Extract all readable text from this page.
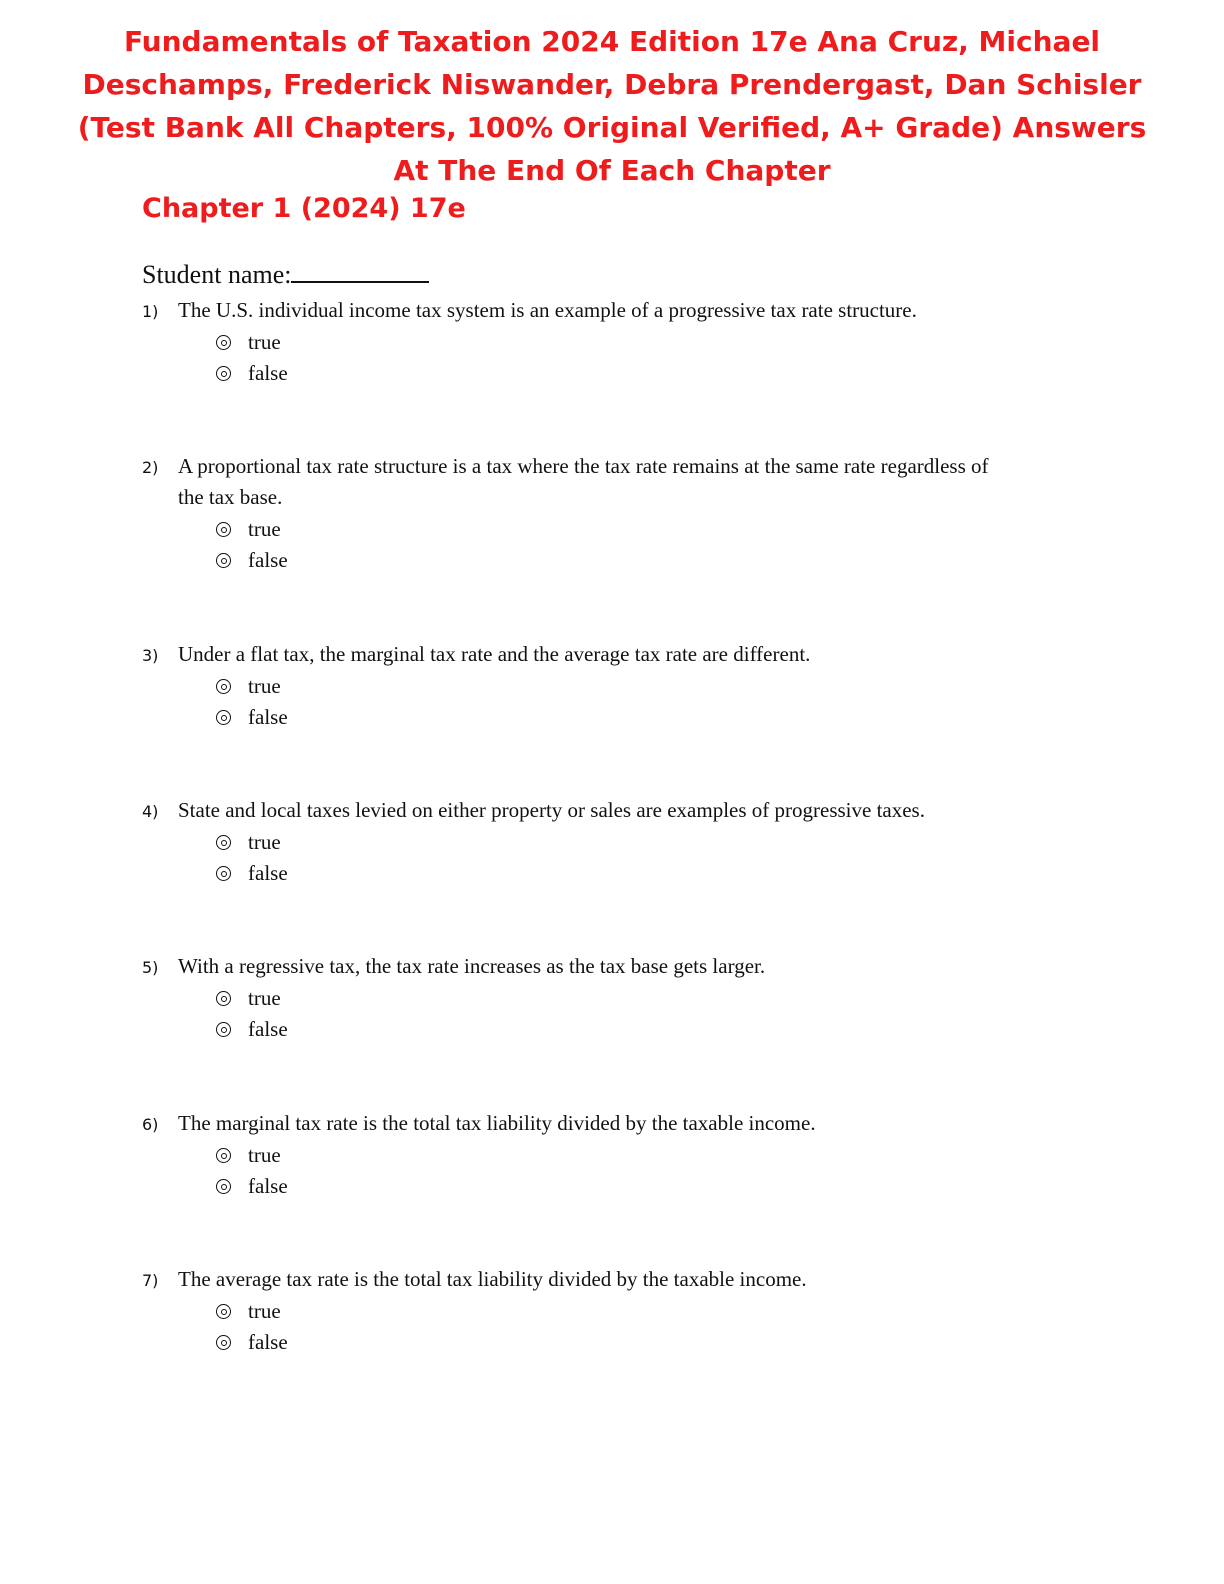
Fundamentals of Taxation 2024 Edition 17e Ana Cruz, Michael Deschamps, Frederick Niswander, Debra Prendergast, Dan Schisler (Test Bank All Chapters, 100% Original Verified, A+ Grade) Answers At The End Of Each Chapter
Chapter 1 (2024) 17e
Student name:
1) The U.S. individual income tax system is an example of a progressive tax rate structure.
true
false
2) A proportional tax rate structure is a tax where the tax rate remains at the same rate regardless of the tax base.
true
false
3) Under a flat tax, the marginal tax rate and the average tax rate are different.
true
false
4) State and local taxes levied on either property or sales are examples of progressive taxes.
true
false
5) With a regressive tax, the tax rate increases as the tax base gets larger.
true
false
6) The marginal tax rate is the total tax liability divided by the taxable income.
true
false
7) The average tax rate is the total tax liability divided by the taxable income.
true
false
